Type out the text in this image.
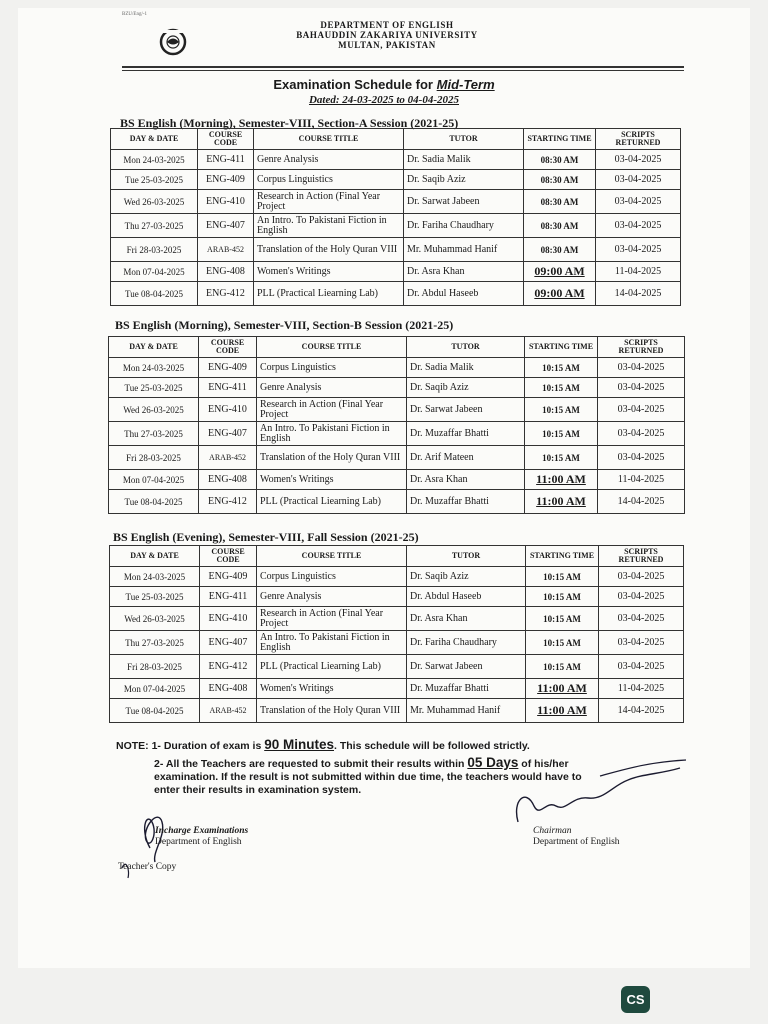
BZU/Eng/-1
DEPARTMENT OF ENGLISH
BAHAUDDIN ZAKARIYA UNIVERSITY
MULTAN, PAKISTAN
Examination Schedule for Mid-Term
Dated: 24-03-2025 to 04-04-2025
BS English (Morning), Semester-VIII, Section-A Session (2021-25)
DAY & DATE	COURSE CODE	COURSE TITLE	TUTOR	STARTING TIME	SCRIPTS RETURNED
Mon 24-03-2025	ENG-411	Genre Analysis	Dr. Sadia Malik	08:30 AM	03-04-2025
Tue 25-03-2025	ENG-409	Corpus Linguistics	Dr. Saqib Aziz	08:30 AM	03-04-2025
Wed 26-03-2025	ENG-410	Research in Action (Final Year Project	Dr. Sarwat Jabeen	08:30 AM	03-04-2025
Thu 27-03-2025	ENG-407	An Intro. To Pakistani Fiction in English	Dr. Fariha Chaudhary	08:30 AM	03-04-2025
Fri 28-03-2025	ARAB-452	Translation of the Holy Quran VIII	Mr. Muhammad Hanif	08:30 AM	03-04-2025
Mon 07-04-2025	ENG-408	Women's Writings	Dr. Asra Khan	09:00 AM	11-04-2025
Tue 08-04-2025	ENG-412	PLL (Practical Liearning Lab)	Dr. Abdul Haseeb	09:00 AM	14-04-2025
BS English (Morning), Semester-VIII, Section-B Session (2021-25)
DAY & DATE	COURSE CODE	COURSE TITLE	TUTOR	STARTING TIME	SCRIPTS RETURNED
Mon 24-03-2025	ENG-409	Corpus Linguistics	Dr. Sadia Malik	10:15 AM	03-04-2025
Tue 25-03-2025	ENG-411	Genre Analysis	Dr. Saqib Aziz	10:15 AM	03-04-2025
Wed 26-03-2025	ENG-410	Research in Action (Final Year Project	Dr. Sarwat Jabeen	10:15 AM	03-04-2025
Thu 27-03-2025	ENG-407	An Intro. To Pakistani Fiction in English	Dr. Muzaffar Bhatti	10:15 AM	03-04-2025
Fri 28-03-2025	ARAB-452	Translation of the Holy Quran VIII	Dr. Arif Mateen	10:15 AM	03-04-2025
Mon 07-04-2025	ENG-408	Women's Writings	Dr. Asra Khan	11:00 AM	11-04-2025
Tue 08-04-2025	ENG-412	PLL (Practical Liearning Lab)	Dr. Muzaffar Bhatti	11:00 AM	14-04-2025
BS English (Evening), Semester-VIII, Fall Session (2021-25)
DAY & DATE	COURSE CODE	COURSE TITLE	TUTOR	STARTING TIME	SCRIPTS RETURNED
Mon 24-03-2025	ENG-409	Corpus Linguistics	Dr. Saqib Aziz	10:15 AM	03-04-2025
Tue 25-03-2025	ENG-411	Genre Analysis	Dr. Abdul Haseeb	10:15 AM	03-04-2025
Wed 26-03-2025	ENG-410	Research in Action (Final Year Project	Dr. Asra Khan	10:15 AM	03-04-2025
Thu 27-03-2025	ENG-407	An Intro. To Pakistani Fiction in English	Dr. Fariha Chaudhary	10:15 AM	03-04-2025
Fri 28-03-2025	ENG-412	PLL (Practical Liearning Lab)	Dr. Sarwat Jabeen	10:15 AM	03-04-2025
Mon 07-04-2025	ENG-408	Women's Writings	Dr. Muzaffar Bhatti	11:00 AM	11-04-2025
Tue 08-04-2025	ARAB-452	Translation of the Holy Quran VIII	Mr. Muhammad Hanif	11:00 AM	14-04-2025
NOTE: 1- Duration of exam is 90 Minutes. This schedule will be followed strictly.
2- All the Teachers are requested to submit their results within 05 Days of his/her
examination. If the result is not submitted within due time, the teachers would have to
enter their results in examination system.
Incharge Examinations
Department of English
Chairman
Department of English
Teacher's Copy
CS
